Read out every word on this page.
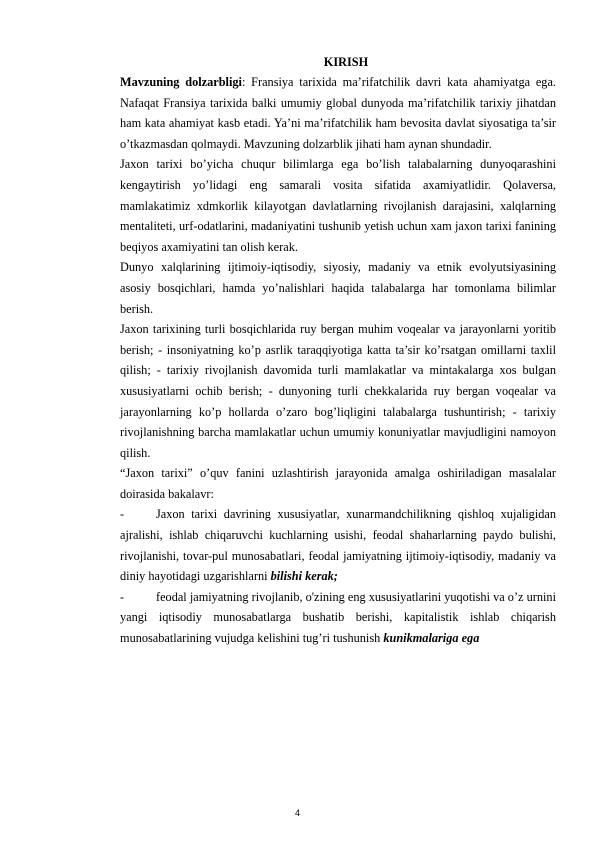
KIRISH

Mavzuning dolzarbligi: Fransiya tarixida ma’rifatchilik davri kata ahamiyatga ega. Nafaqat Fransiya tarixida balki umumiy global dunyoda ma’rifatchilik tarixiy jihatdan ham kata ahamiyat kasb etadi. Ya’ni ma’rifatchilik ham bevosita davlat siyosatiga ta’sir o’tkazmasdan qolmaydi. Mavzuning dolzarblik jihati ham aynan shundadir.

Jaxon tarixi bo’yicha chuqur bilimlarga ega bo’lish talabalarning dunyoqarashini kengaytirish yo’lidagi eng samarali vosita sifatida axamiyatlidir. Qolaversa, mamlakatimiz xdmkorlik kilayotgan davlatlarning rivojlanish darajasini, xalqlarning mentaliteti, urf-odatlarini, madaniyatini tushunib yetish uchun xam jaxon tarixi fanining beqiyos axamiyatini tan olish kerak.

Dunyo xalqlarining ijtimoiy-iqtisodiy, siyosiy, madaniy va etnik evolyutsiyasining asosiy bosqichlari, hamda yo’nalishlari haqida talabalarga har tomonlama bilimlar berish.

Jaxon tarixining turli bosqichlarida ruy bergan muhim voqealar va jarayonlarni yoritib berish; - insoniyatning ko’p asrlik taraqqiyotiga katta ta’sir ko’rsatgan omillarni taxlil qilish; - tarixiy rivojlanish davomida turli mamlakatlar va mintakalarga xos bulgan xususiyatlarni ochib berish; - dunyoning turli chekkalarida ruy bergan voqealar va jarayonlarning ko’p hollarda o’zaro bog’liqligini talabalarga tushuntirish; - tarixiy rivojlanishning barcha mamlakatlar uchun umumiy konuniyatlar mavjudligini namoyon qilish.

“Jaxon tarixi” o’quv fanini uzlashtirish jarayonida amalga oshiriladigan masalalar doirasida bakalavr:

-	Jaxon tarixi davrining xususiyatlar, xunarmandchilikning qishloq xujaligidan ajralishi, ishlab chiqaruvchi kuchlarning usishi, feodal shaharlarning paydo bulishi, rivojlanishi, tovar-pul munosabatlari, feodal jamiyatning ijtimoiy-iqtisodiy, madaniy va diniy hayotidagi uzgarishlarni bilishi kerak;

-	feodal jamiyatning rivojlanib, o'zining eng xususiyatlarini yuqotishi va o’z urnini yangi iqtisodiy munosabatlarga bushatib berishi, kapitalistik ishlab chiqarish munosabatlarining vujudga kelishini tug’ri tushunish kunikmalariga ega

4
